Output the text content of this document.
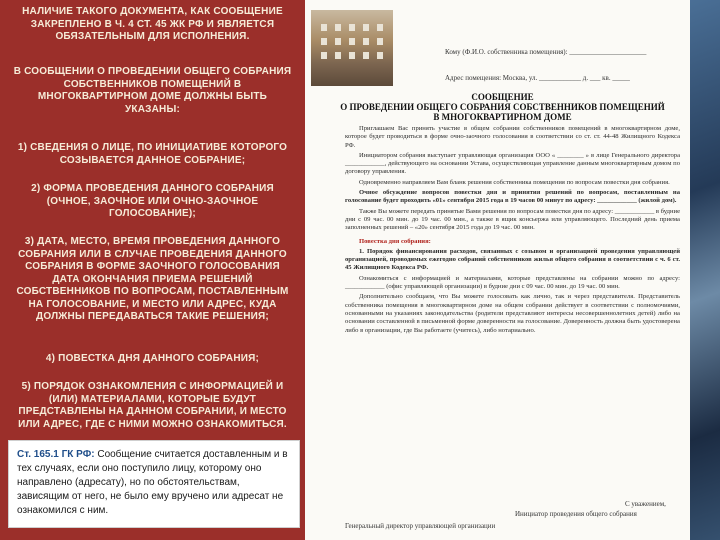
НАЛИЧИЕ ТАКОГО ДОКУМЕНТА, КАК СООБЩЕНИЕ ЗАКРЕПЛЕНО В Ч. 4 СТ. 45 ЖК РФ И ЯВЛЯЕТСЯ ОБЯЗАТЕЛЬНЫМ ДЛЯ ИСПОЛНЕНИЯ.
В СООБЩЕНИИ О ПРОВЕДЕНИИ ОБЩЕГО СОБРАНИЯ СОБСТВЕННИКОВ ПОМЕЩЕНИЙ В МНОГОКВАРТИРНОМ ДОМЕ ДОЛЖНЫ БЫТЬ УКАЗАНЫ:
1) СВЕДЕНИЯ О ЛИЦЕ, ПО ИНИЦИАТИВЕ КОТОРОГО СОЗЫВАЕТСЯ ДАННОЕ СОБРАНИЕ;
2) ФОРМА ПРОВЕДЕНИЯ ДАННОГО СОБРАНИЯ (ОЧНОЕ, ЗАОЧНОЕ ИЛИ ОЧНО-ЗАОЧНОЕ ГОЛОСОВАНИЕ);
3) ДАТА, МЕСТО, ВРЕМЯ ПРОВЕДЕНИЯ ДАННОГО СОБРАНИЯ ИЛИ В СЛУЧАЕ ПРОВЕДЕНИЯ ДАННОГО СОБРАНИЯ В ФОРМЕ ЗАОЧНОГО ГОЛОСОВАНИЯ ДАТА ОКОНЧАНИЯ ПРИЕМА РЕШЕНИЙ СОБСТВЕННИКОВ ПО ВОПРОСАМ, ПОСТАВЛЕННЫМ НА ГОЛОСОВАНИЕ, И МЕСТО ИЛИ АДРЕС, КУДА ДОЛЖНЫ ПЕРЕДАВАТЬСЯ ТАКИЕ РЕШЕНИЯ;
4) ПОВЕСТКА ДНЯ ДАННОГО СОБРАНИЯ;
5) ПОРЯДОК ОЗНАКОМЛЕНИЯ С ИНФОРМАЦИЕЙ И (ИЛИ) МАТЕРИАЛАМИ, КОТОРЫЕ БУДУТ ПРЕДСТАВЛЕНЫ НА ДАННОМ СОБРАНИИ, И МЕСТО ИЛИ АДРЕС, ГДЕ С НИМИ МОЖНО ОЗНАКОМИТЬСЯ.
Ст. 165.1 ГК РФ: Сообщение считается доставленным и в тех случаях, если оно поступило лицу, которому оно направлено (адресату), но по обстоятельствам, зависящим от него, не было ему вручено или адресат не ознакомился с ним.
Кому (Ф.И.О. собственника помещения): ______________________
Адрес помещения: Москва, ул. ____________ д. ___ кв. _____
СООБЩЕНИЕ
О ПРОВЕДЕНИИ ОБЩЕГО СОБРАНИЯ СОБСТВЕННИКОВ ПОМЕЩЕНИЙ
В МНОГОКВАРТИРНОМ ДОМЕ

Приглашаем Вас принять участие в общем собрании собственников помещений в многоквартирном доме, которое будет проводиться в форме очно-заочного голосования в соответствии со ст. ст. 44-48 Жилищного Кодекса РФ.

Инициатором собрания выступает управляющая организация ООО « ________ » в лице Генерального директора ____________, действующего на основании Устава, осуществляющая управление данным многоквартирным домом по договору управления.

Одновременно направляем Вам бланк решения собственника помещения по вопросам повестки дня собрания.

Очное обсуждение вопросов повестки дня и принятия решений по вопросам, поставленным на голосование будет проходить «01» сентября 2015 года в 19 часов 00 минут по адресу: ____________ (жилой дом).

Также Вы можете передать принятые Вами решения по вопросам повестки дня по адресу: ____________ в будние дни с 09 час. 00 мин. до 19 час. 00 мин., а также в ящик консьержа или управляющего. Последний день приема заполненных решений – «20» сентября 2015 года до 19 час. 00 мин.

Повестка дня собрания:

1. Порядок финансирования расходов, связанных с созывом и организацией проведения управляющей организацией, проводимых ежегодно собраний собственников жилья общего собрания в соответствии с ч. 6 ст. 45 Жилищного Кодекса РФ.

Ознакомиться с информацией и материалами, которые представлены на собрании можно по адресу: ____________ (офис управляющей организации) в будние дни с 09 час. 00 мин. до 19 час. 00 мин.

Дополнительно сообщаем, что Вы можете голосовать как лично, так и через представителя. Представитель собственника помещения в многоквартирном доме на общем собрании действует в соответствии с полномочиями, основанными на указаниях законодательства (родители представляют интересы несовершеннолетних детей) либо на основании составленной в письменной форме доверенности на голосование. Доверенность должна быть удостоверена либо в организации, где Вы работаете (учитесь), либо нотариально.

С уважением,
Инициатор проведения общего собрания
Генеральный директор управляющей организации
